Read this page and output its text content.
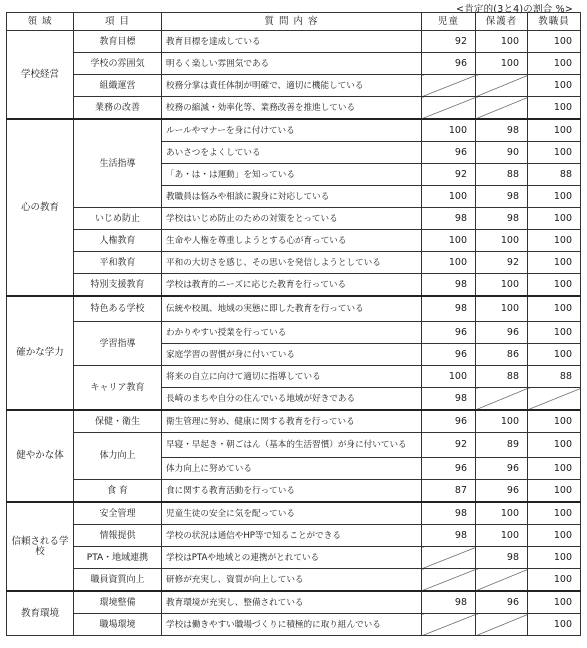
<肯定的(3と4)の割合 %>
領 域	項 目	質 問 内 容	児童	保護者	教職員
学校経営	教育目標	教育目標を達成している	92	100	100
	学校の雰囲気	明るく楽しい雰囲気である	96	100	100
	組織運営	校務分掌は責任体制が明確で、適切に機能している			100
	業務の改善	校務の縮減・効率化等、業務改善を推進している			100
心の教育	生活指導	ルールやマナーを身に付けている	100	98	100
		あいさつをよくしている	96	90	100
		「あ・は・は運動」を知っている	92	88	88
		教職員は悩みや相談に親身に対応している	100	98	100
	いじめ防止	学校はいじめ防止のための対策をとっている	98	98	100
	人権教育	生命や人権を尊重しようとする心が育っている	100	100	100
	平和教育	平和の大切さを感じ、その思いを発信しようとしている	100	92	100
	特別支援教育	学校は教育的ニーズに応じた教育を行っている	98	100	100
確かな学力	特色ある学校	伝統や校風、地域の実態に即した教育を行っている	98	100	100
	学習指導	わかりやすい授業を行っている	96	96	100
		家庭学習の習慣が身に付いている	96	86	100
	キャリア教育	将来の自立に向けて適切に指導している	100	88	88
		長崎のまちや自分の住んでいる地域が好きである	98		
健やかな体	保健・衛生	衛生管理に努め、健康に関する教育を行っている	96	100	100
	体力向上	早寝・早起き・朝ごはん（基本的生活習慣）が身に付いている	92	89	100
		体力向上に努めている	96	96	100
	食 育	食に関する教育活動を行っている	87	96	100
信頼される学校	安全管理	児童生徒の安全に気を配っている	98	100	100
	情報提供	学校の状況は通信やHP等で知ることができる	98	100	100
	PTA・地域連携	学校はPTAや地域との連携がとれている		98	100
	職員資質向上	研修が充実し、資質が向上している			100
教育環境	環境整備	教育環境が充実し、整備されている	98	96	100
	職場環境	学校は働きやすい職場づくりに積極的に取り組んでいる			100
